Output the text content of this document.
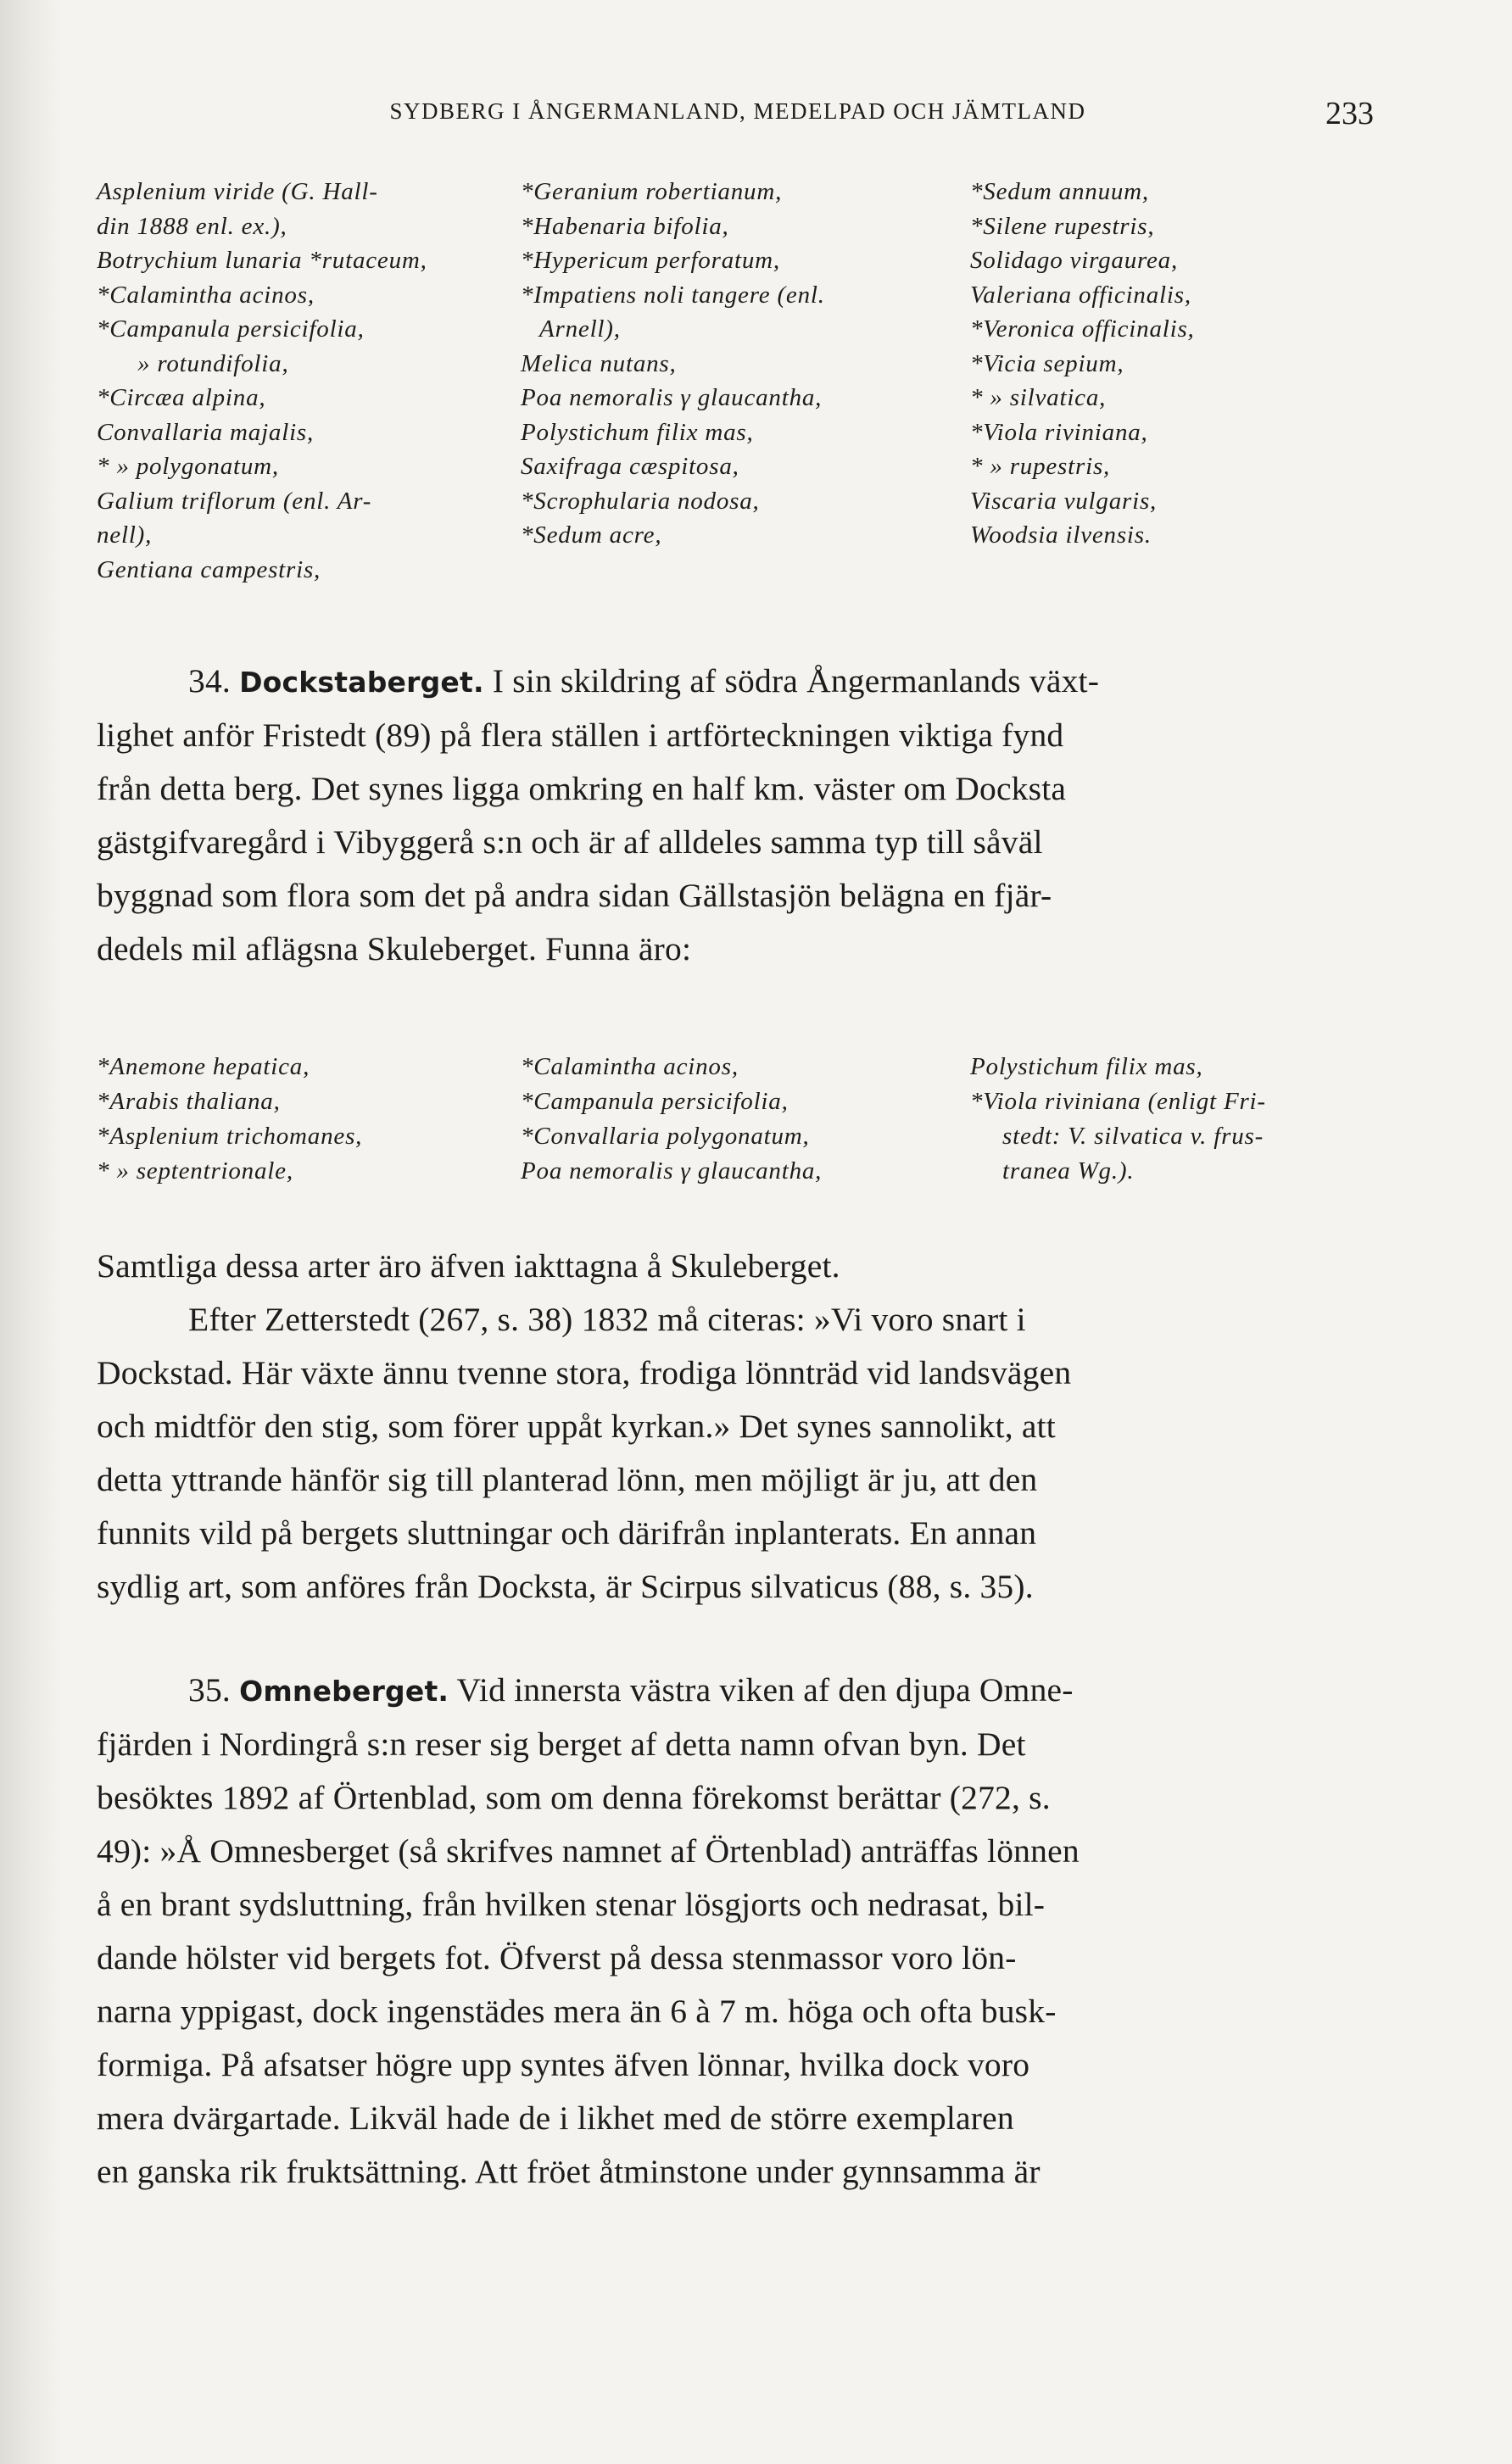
SYDBERG I ÅNGERMANLAND, MEDELPAD OCH JÄMTLAND	233
Asplenium viride (G. Hall-
din 1888 enl. ex.),
Botrychium lunaria *rutaceum,
*Calamintha acinos,
*Campanula persicifolia,
» rotundifolia,
*Circæa alpina,
Convallaria majalis,
* » polygonatum,
Galium triflorum (enl. Ar-
nell),
Gentiana campestris,
*Geranium robertianum,
*Habenaria bifolia,
*Hypericum perforatum,
*Impatiens noli tangere (enl.
Arnell),
Melica nutans,
Poa nemoralis γ glaucantha,
Polystichum filix mas,
Saxifraga cæspitosa,
*Scrophularia nodosa,
*Sedum acre,
*Sedum annuum,
*Silene rupestris,
Solidago virgaurea,
Valeriana officinalis,
*Veronica officinalis,
*Vicia sepium,
* » silvatica,
*Viola riviniana,
* » rupestris,
Viscaria vulgaris,
Woodsia ilvensis.

34. Dockstaberget. I sin skildring af södra Ångermanlands växt-

lighet anför Fristedt (89) på flera ställen i artförteckningen viktiga fynd

från detta berg. Det synes ligga omkring en half km. väster om Docksta

gästgifvaregård i Vibyggerå s:n och är af alldeles samma typ till såväl

byggnad som flora som det på andra sidan Gällstasjön belägna en fjär-

dedels mil aflägsna Skuleberget. Funna äro:

*Anemone hepatica,
*Arabis thaliana,
*Asplenium trichomanes,
* » septentrionale,
*Calamintha acinos,
*Campanula persicifolia,
*Convallaria polygonatum,
Poa nemoralis γ glaucantha,
Polystichum filix mas,
*Viola riviniana (enligt Fri-
stedt: V. silvatica v. frus-
tranea Wg.).

Samtliga dessa arter äro äfven iakttagna å Skuleberget.

Efter Zetterstedt (267, s. 38) 1832 må citeras: »Vi voro snart i

Dockstad. Här växte ännu tvenne stora, frodiga lönnträd vid landsvägen

och midtför den stig, som förer uppåt kyrkan.» Det synes sannolikt, att

detta yttrande hänför sig till planterad lönn, men möjligt är ju, att den

funnits vild på bergets sluttningar och därifrån inplanterats. En annan

sydlig art, som anföres från Docksta, är Scirpus silvaticus (88, s. 35).

35. Omneberget. Vid innersta västra viken af den djupa Omne-

fjärden i Nordingrå s:n reser sig berget af detta namn ofvan byn. Det

besöktes 1892 af Örtenblad, som om denna förekomst berättar (272, s.

49): »Å Omnesberget (så skrifves namnet af Örtenblad) anträffas lönnen

å en brant sydsluttning, från hvilken stenar lösgjorts och nedrasat, bil-

dande hölster vid bergets fot. Öfverst på dessa stenmassor voro lön-

narna yppigast, dock ingenstädes mera än 6 à 7 m. höga och ofta busk-

formiga. På afsatser högre upp syntes äfven lönnar, hvilka dock voro

mera dvärgartade. Likväl hade de i likhet med de större exemplaren

en ganska rik fruktsättning. Att fröet åtminstone under gynnsamma är
